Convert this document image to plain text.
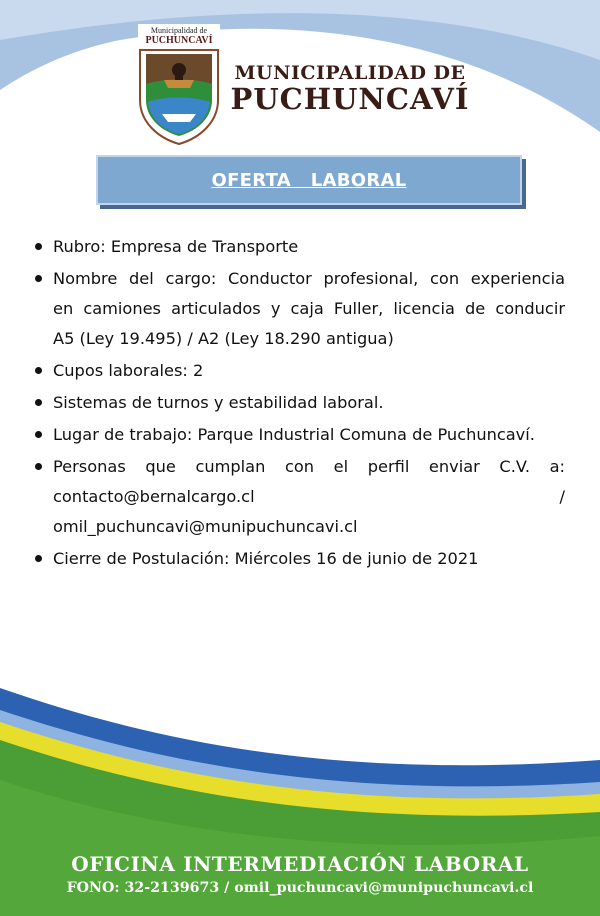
Municipalidad de
PUCHUNCAVÍ
MUNICIPALIDAD DE
PUCHUNCAVÍ
OFERTA   LABORAL
Rubro: Empresa de Transporte
Nombre del cargo: Conductor profesional, con experiencia
en camiones articulados y caja Fuller, licencia de conducir
A5 (Ley 19.495) / A2 (Ley 18.290 antigua)
Cupos laborales: 2
Sistemas de turnos y estabilidad laboral.
Lugar de trabajo: Parque Industrial Comuna de Puchuncaví.
Personas que cumplan con el perfil enviar C.V. a:
contacto@bernalcargo.cl /
omil_puchuncavi@munipuchuncavi.cl
Cierre de Postulación: Miércoles 16 de junio de 2021
OFICINA INTERMEDIACIÓN LABORAL
FONO: 32-2139673 / omil_puchuncavi@munipuchuncavi.cl
